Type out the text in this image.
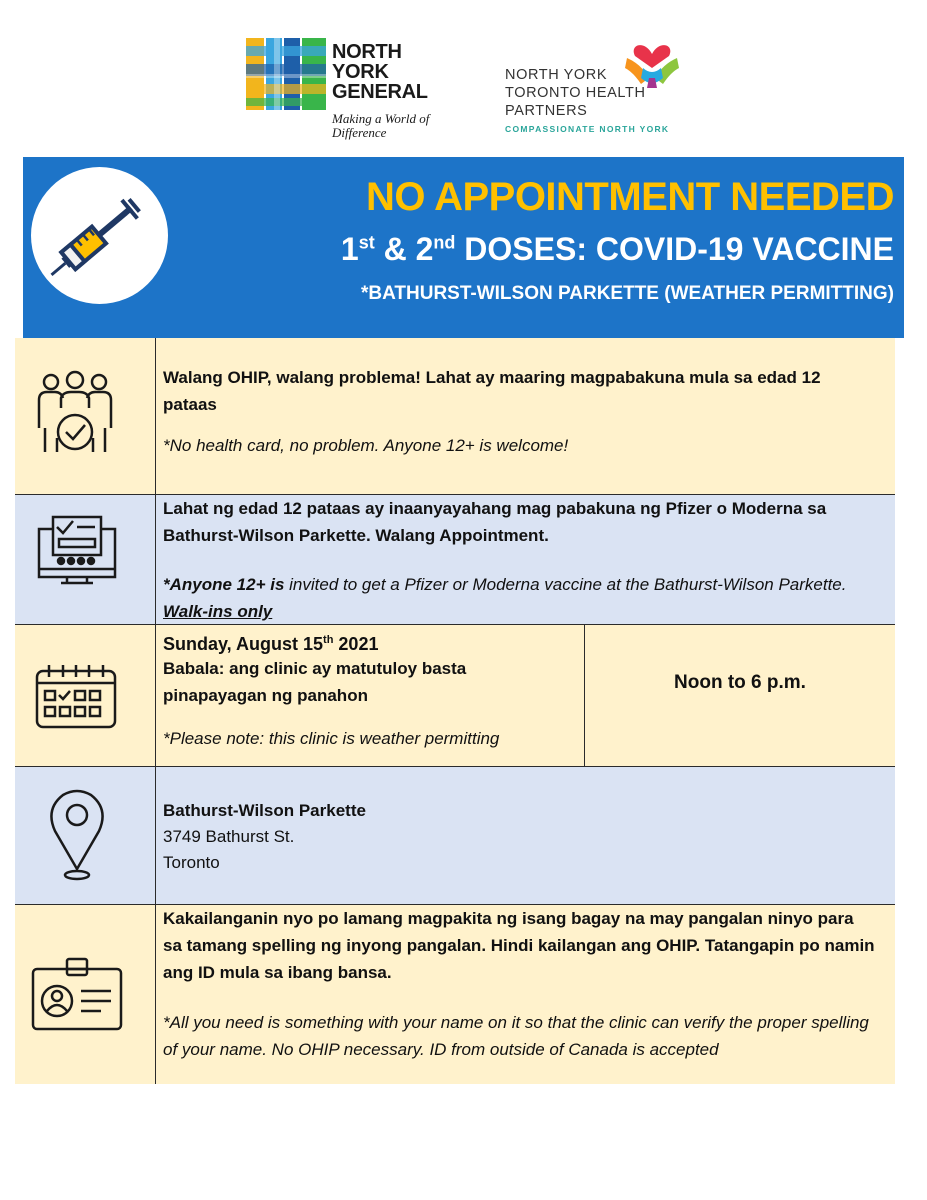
NORTH YORK GENERAL
Making a World of Difference
NORTH YORK TORONTO HEALTH PARTNERS
COMPASSIONATE NORTH YORK
NO APPOINTMENT NEEDED
1st & 2nd DOSES: COVID-19 VACCINE
*BATHURST-WILSON PARKETTE (WEATHER PERMITTING)
Walang OHIP, walang problema! Lahat ay maaring magpabakuna mula sa edad 12 pataas
*No health card, no problem. Anyone 12+ is welcome!
Lahat ng edad 12 pataas ay inaanyayahang mag pabakuna ng Pfizer o Moderna sa Bathurst-Wilson Parkette. Walang Appointment.
*Anyone 12+ is invited to get a Pfizer or Moderna vaccine at the Bathurst-Wilson Parkette. Walk-ins only
Sunday, August 15th 2021
Babala: ang clinic ay matutuloy basta pinapayagan ng panahon
*Please note: this clinic is weather permitting
Noon to 6 p.m.
Bathurst-Wilson Parkette
3749 Bathurst St.
Toronto
Kakailanganin nyo po lamang magpakita ng isang bagay na may pangalan ninyo para sa tamang spelling ng inyong pangalan. Hindi kailangan ang OHIP. Tatangapin po namin ang ID mula sa ibang bansa.
*All you need is something with your name on it so that the clinic can verify the proper spelling of your name. No OHIP necessary. ID from outside of Canada is accepted
